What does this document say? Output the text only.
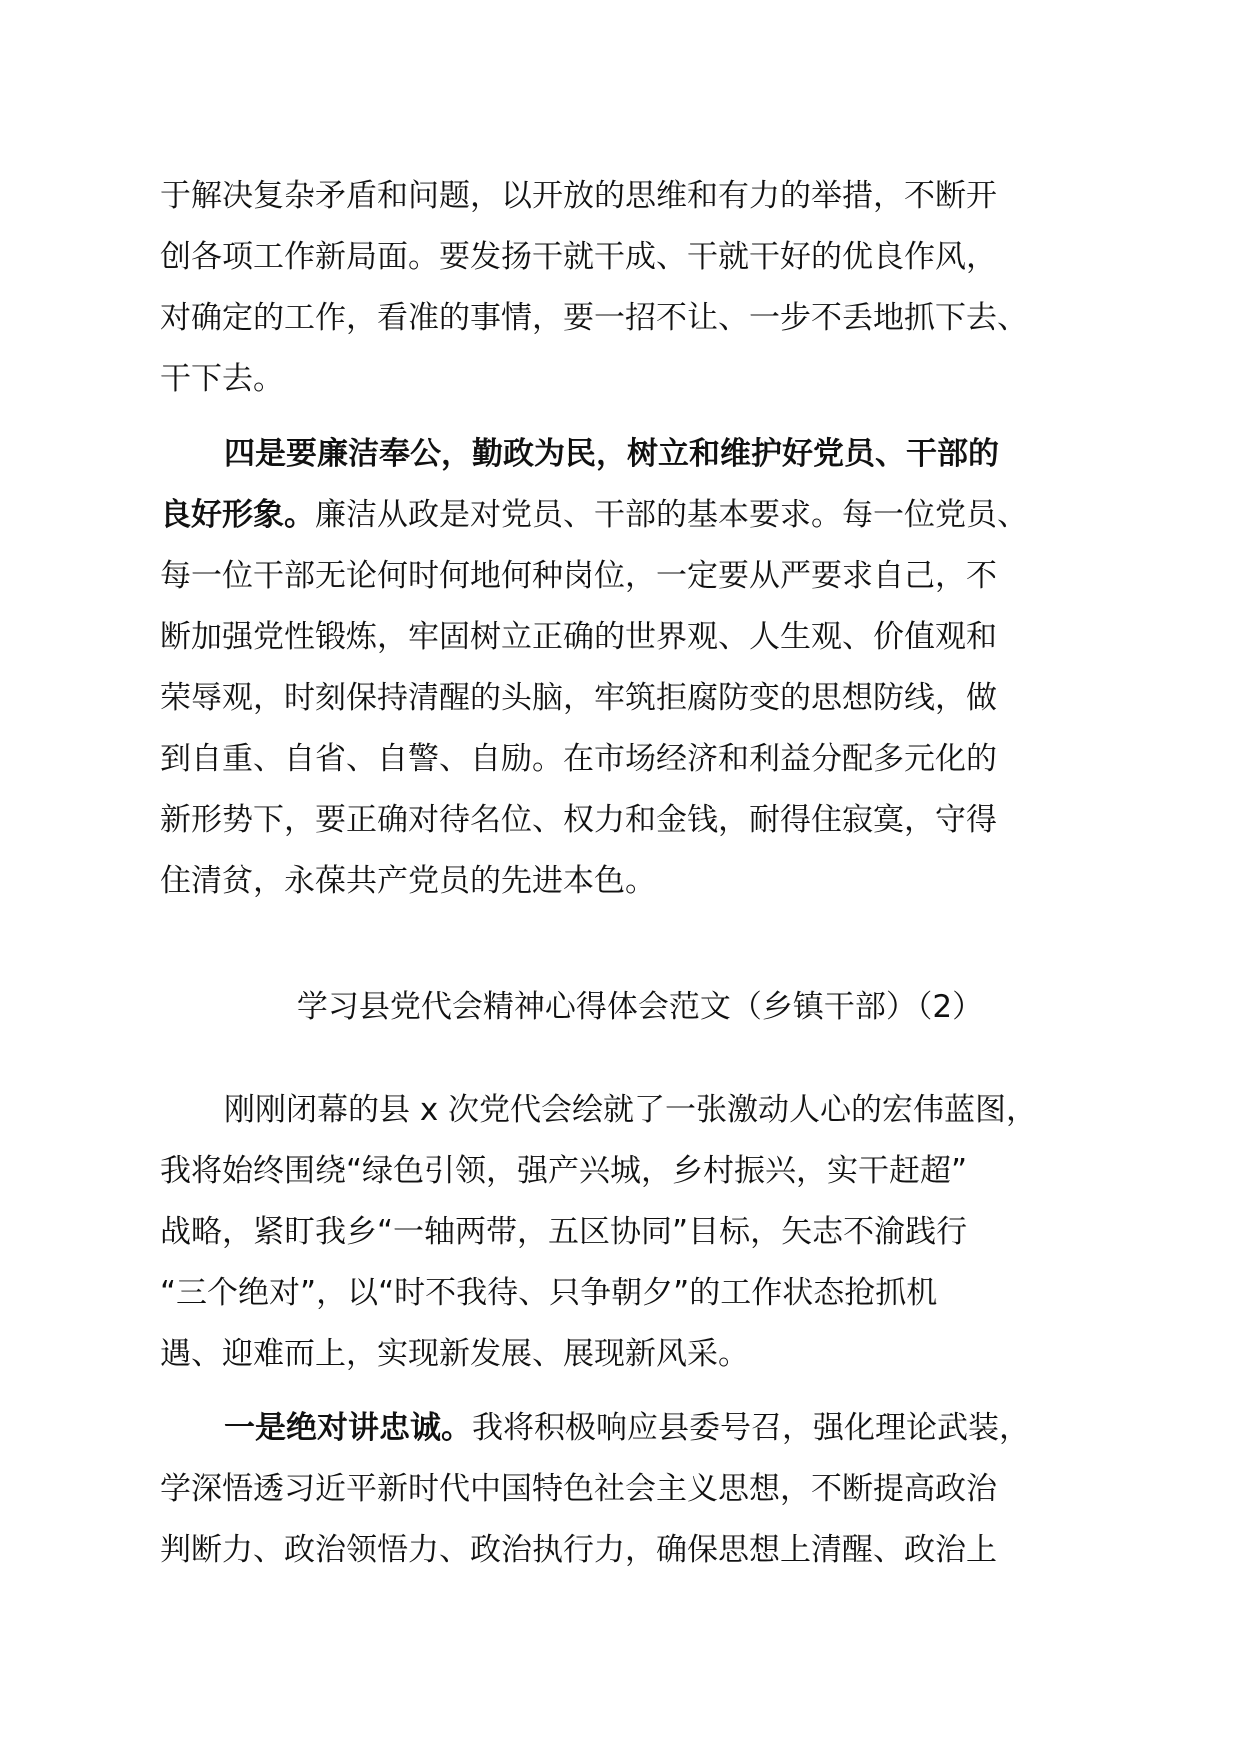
于解决复杂矛盾和问题，以开放的思维和有力的举措，不断开
创各项工作新局面。要发扬干就干成、干就干好的优良作风，
对确定的工作，看准的事情，要一招不让、一步不丢地抓下去、
干下去。
四是要廉洁奉公，勤政为民，树立和维护好党员、干部的
良好形象。廉洁从政是对党员、干部的基本要求。每一位党员、
每一位干部无论何时何地何种岗位，一定要从严要求自己，不
断加强党性锻炼，牢固树立正确的世界观、人生观、价值观和
荣辱观，时刻保持清醒的头脑，牢筑拒腐防变的思想防线，做
到自重、自省、自警、自励。在市场经济和利益分配多元化的
新形势下，要正确对待名位、权力和金钱，耐得住寂寞，守得
住清贫，永葆共产党员的先进本色。
学习县党代会精神心得体会范文（乡镇干部）（2）
刚刚闭幕的县 x 次党代会绘就了一张激动人心的宏伟蓝图，
我将始终围绕“绿色引领，强产兴城，乡村振兴，实干赶超”
战略，紧盯我乡“一轴两带，五区协同”目标，矢志不渝践行
“三个绝对”，以“时不我待、只争朝夕”的工作状态抢抓机
遇、迎难而上，实现新发展、展现新风采。
一是绝对讲忠诚。我将积极响应县委号召，强化理论武装，
学深悟透习近平新时代中国特色社会主义思想，不断提高政治
判断力、政治领悟力、政治执行力，确保思想上清醒、政治上
